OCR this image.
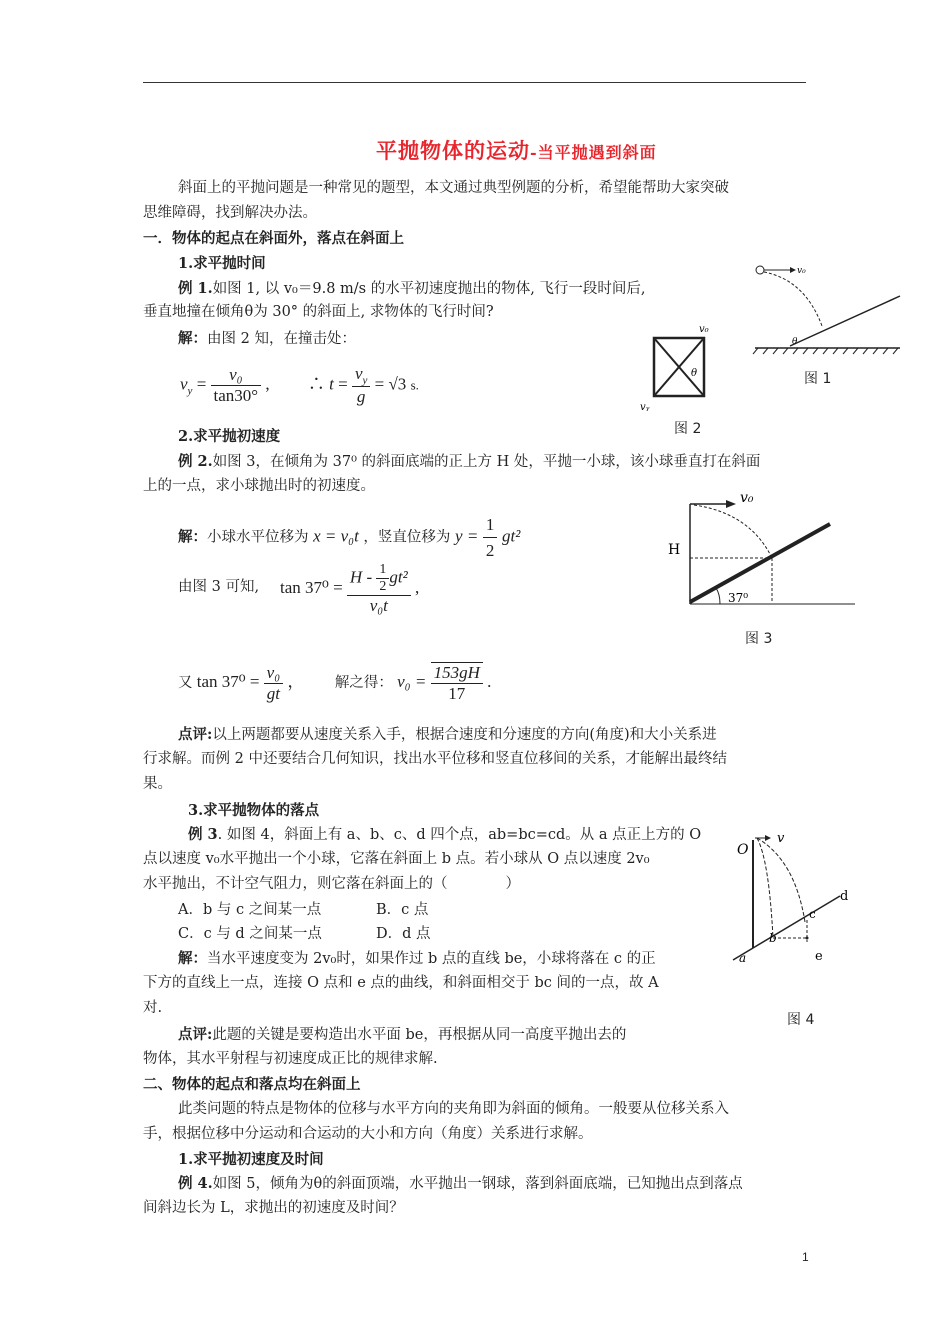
平抛物体的运动-当平抛遇到斜面
斜面上的平抛问题是一种常见的题型，本文通过典型例题的分析，希望能帮助大家突破
思维障碍，找到解决办法。
一．物体的起点在斜面外，落点在斜面上
1.求平抛时间
例 1.如图 1, 以 v₀＝9.8 m/s 的水平初速度抛出的物体, 飞行一段时间后,
垂直地撞在倾角θ为 30° 的斜面上, 求物体的飞行时间?
解：由图 2 知，在撞击处：
$v_y = \frac{\text{v₀}}{\tan 30^\circ}$ ,　　 ∴ $t = \frac{v_y}{g} = √3$ s.
2.求平抛初速度
例 2.如图 3，在倾角为 37⁰ 的斜面底端的正上方 H 处，平抛一小球，该小球垂直打在斜面
上的一点，求小球抛出时的初速度。
解：小球水平位移为 x = v₀t ，竖直位移为 $y = \frac{1}{2} gt^2$
由图 3 可知, $\tan 37^0 = \frac{H - \frac{1}{2} gt^2}{\text{v₀t}}$ ,
又 $\tan 37^0 = \frac{\text{v₀}}{gt}$ ， 解之得： $v_0 = \frac{153gH}{17}$ .
点评:以上两题都要从速度关系入手，根据合速度和分速度的方向(角度)和大小关系进
行求解。而例 2 中还要结合几何知识，找出水平位移和竖直位移间的关系，才能解出最终结
果。
3.求平抛物体的落点
例 3. 如图 4，斜面上有 a、b、c、d 四个点，ab=bc=cd。从 a 点正上方的 O
点以速度 v₀水平抛出一个小球，它落在斜面上 b 点。若小球从 O 点以速度 2v₀
水平抛出，不计空气阻力，则它落在斜面上的（　　　　）
A．b 与 c 之间某一点	B．c 点
C．c 与 d 之间某一点	D．d 点
解：当水平速度变为 2v₀时，如果作过 b 点的直线 be，小球将落在 c 的正
下方的直线上一点，连接 O 点和 e 点的曲线，和斜面相交于 bc 间的一点，故 A
对.
点评:此题的关键是要构造出水平面 be，再根据从同一高度平抛出去的
物体，其水平射程与初速度成正比的规律求解.
二、物体的起点和落点均在斜面上
此类问题的特点是物体的位移与水平方向的夹角即为斜面的倾角。一般要从位移关系入
手，根据位移中分运动和合运动的大小和方向（角度）关系进行求解。
1.求平抛初速度及时间
例 4.如图 5，倾角为θ的斜面顶端，水平抛出一钢球，落到斜面底端，已知抛出点到落点
间斜边长为 L，求抛出的初速度及时间？
v₀
θ
图 1
v₀
θ
vᵧ
图 2
v₀
H
37⁰
图 3
v
O
a
b
c
d
e
图 4
1
